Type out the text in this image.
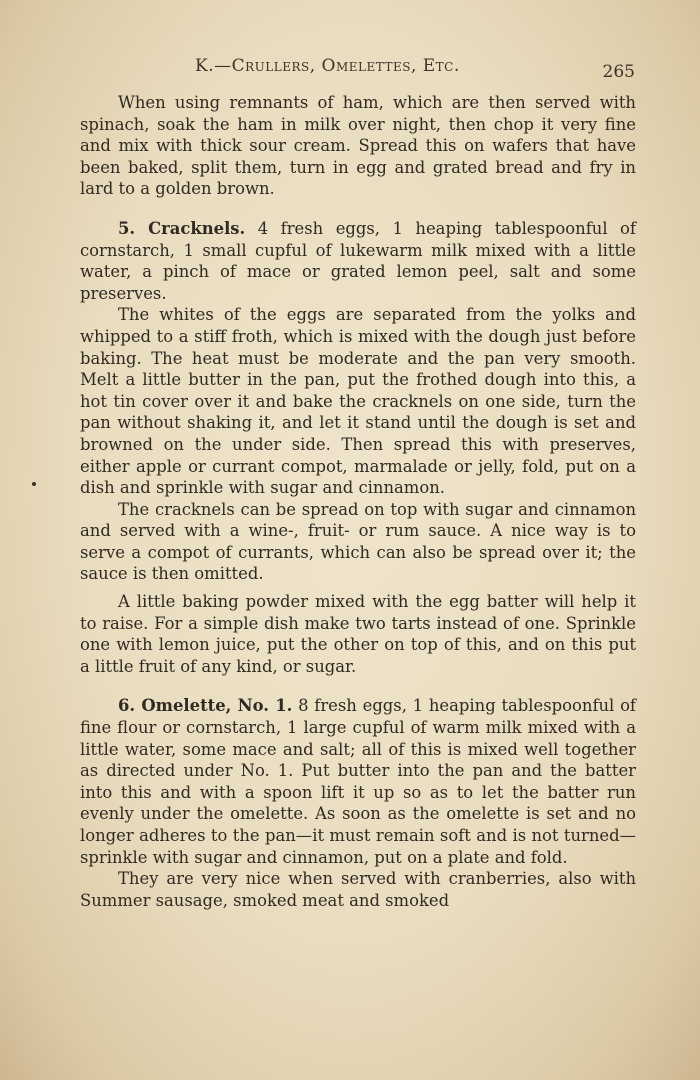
K.—Crullers, Omelettes, Etc.	265

When using remnants of ham, which are then served with spinach, soak the ham in milk over night, then chop it very fine and mix with thick sour cream. Spread this on wafers that have been baked, split them, turn in egg and grated bread and fry in lard to a golden brown.

5. Cracknels. 4 fresh eggs, 1 heaping tablespoonful of cornstarch, 1 small cupful of lukewarm milk mixed with a little water, a pinch of mace or grated lemon peel, salt and some preserves.

The whites of the eggs are separated from the yolks and whipped to a stiff froth, which is mixed with the dough just before baking. The heat must be moderate and the pan very smooth. Melt a little butter in the pan, put the frothed dough into this, a hot tin cover over it and bake the cracknels on one side, turn the pan without shaking it, and let it stand until the dough is set and browned on the under side. Then spread this with preserves, either apple or currant compot, marmalade or jelly, fold, put on a dish and sprinkle with sugar and cinnamon.

The cracknels can be spread on top with sugar and cinnamon and served with a wine-, fruit- or rum sauce. A nice way is to serve a compot of currants, which can also be spread over it; the sauce is then omitted.

A little baking powder mixed with the egg batter will help it to raise. For a simple dish make two tarts instead of one. Sprinkle one with lemon juice, put the other on top of this, and on this put a little fruit of any kind, or sugar.

6. Omelette, No. 1. 8 fresh eggs, 1 heaping tablespoonful of fine flour or cornstarch, 1 large cupful of warm milk mixed with a little water, some mace and salt; all of this is mixed well together as directed under No. 1. Put butter into the pan and the batter into this and with a spoon lift it up so as to let the batter run evenly under the omelette. As soon as the omelette is set and no longer adheres to the pan—it must remain soft and is not turned—sprinkle with sugar and cinnamon, put on a plate and fold.

They are very nice when served with cranberries, also with Summer sausage, smoked meat and smoked
